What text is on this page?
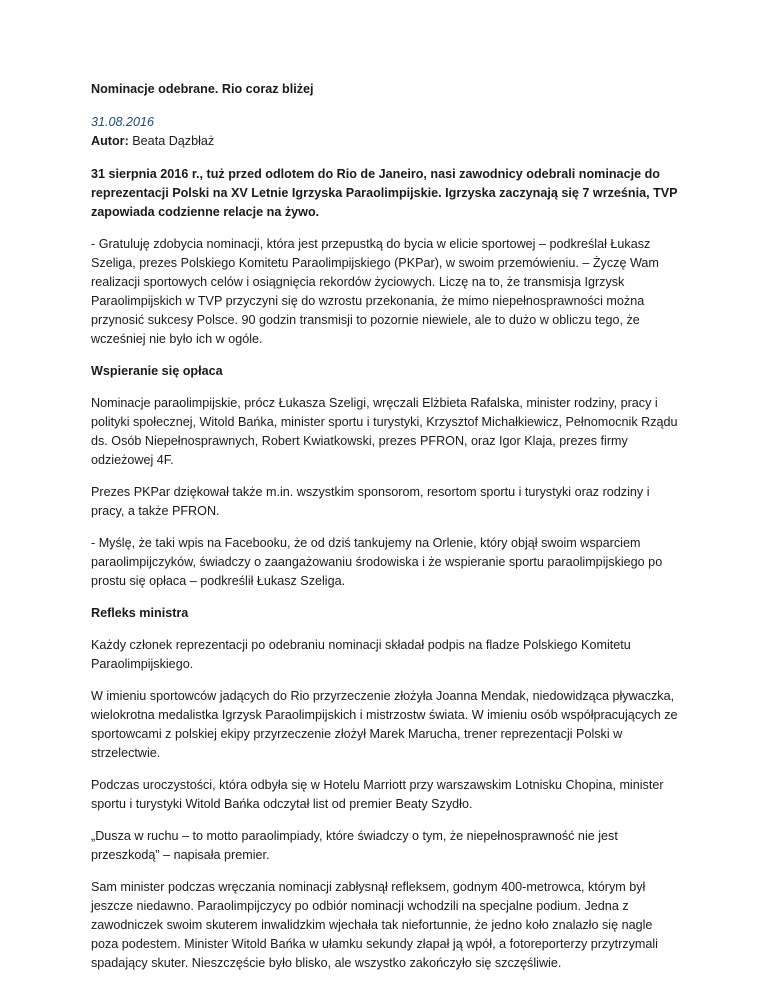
Nominacje odebrane. Rio coraz bliżej

31.08.2016
Autor: Beata Dązbłaż

31 sierpnia 2016 r., tuż przed odlotem do Rio de Janeiro, nasi zawodnicy odebrali nominacje do reprezentacji Polski na XV Letnie Igrzyska Paraolimpijskie. Igrzyska zaczynają się 7 września, TVP zapowiada codzienne relacje na żywo.

- Gratuluję zdobycia nominacji, która jest przepustką do bycia w elicie sportowej – podkreślał Łukasz Szeliga, prezes Polskiego Komitetu Paraolimpijskiego (PKPar), w swoim przemówieniu. – Życzę Wam realizacji sportowych celów i osiągnięcia rekordów życiowych. Liczę na to, że transmisja Igrzysk Paraolimpijskich w TVP przyczyni się do wzrostu przekonania, że mimo niepełnosprawności można przynosić sukcesy Polsce. 90 godzin transmisji to pozornie niewiele, ale to dużo w obliczu tego, że wcześniej nie było ich w ogóle.

Wspieranie się opłaca

Nominacje paraolimpijskie, prócz Łukasza Szeligi, wręczali Elżbieta Rafalska, minister rodziny, pracy i polityki społecznej, Witold Bańka, minister sportu i turystyki, Krzysztof Michałkiewicz, Pełnomocnik Rządu ds. Osób Niepełnosprawnych, Robert Kwiatkowski, prezes PFRON, oraz Igor Klaja, prezes firmy odzieżowej 4F.

Prezes PKPar dziękował także m.in. wszystkim sponsorom, resortom sportu i turystyki oraz rodziny i pracy, a także PFRON.

- Myślę, że taki wpis na Facebooku, że od dziś tankujemy na Orlenie, który objął swoim wsparciem paraolimpijczyków, świadczy o zaangażowaniu środowiska i że wspieranie sportu paraolimpijskiego po prostu się opłaca – podkreślił Łukasz Szeliga.

Refleks ministra

Każdy członek reprezentacji po odebraniu nominacji składał podpis na fladze Polskiego Komitetu Paraolimpijskiego.

W imieniu sportowców jadących do Rio przyrzeczenie złożyła Joanna Mendak, niedowidząca pływaczka, wielokrotna medalistka Igrzysk Paraolimpijskich i mistrzostw świata. W imieniu osób współpracujących ze sportowcami z polskiej ekipy przyrzeczenie złożył Marek Marucha, trener reprezentacji Polski w strzelectwie.

Podczas uroczystości, która odbyła się w Hotelu Marriott przy warszawskim Lotnisku Chopina, minister sportu i turystyki Witold Bańka odczytał list od premier Beaty Szydło.

„Dusza w ruchu – to motto paraolimpiady, które świadczy o tym, że niepełnosprawność nie jest przeszkodą” – napisała premier.

Sam minister podczas wręczania nominacji zabłysnął refleksem, godnym 400-metrowca, którym był jeszcze niedawno. Paraolimpijczycy po odbiór nominacji wchodzili na specjalne podium. Jedna z zawodniczek swoim skuterem inwalidzkim wjechała tak niefortunnie, że jedno koło znalazło się nagle poza podestem. Minister Witold Bańka w ułamku sekundy złapał ją wpół, a fotoreporterzy przytrzymali spadający skuter. Nieszczęście było blisko, ale wszystko zakończyło się szczęśliwie.
